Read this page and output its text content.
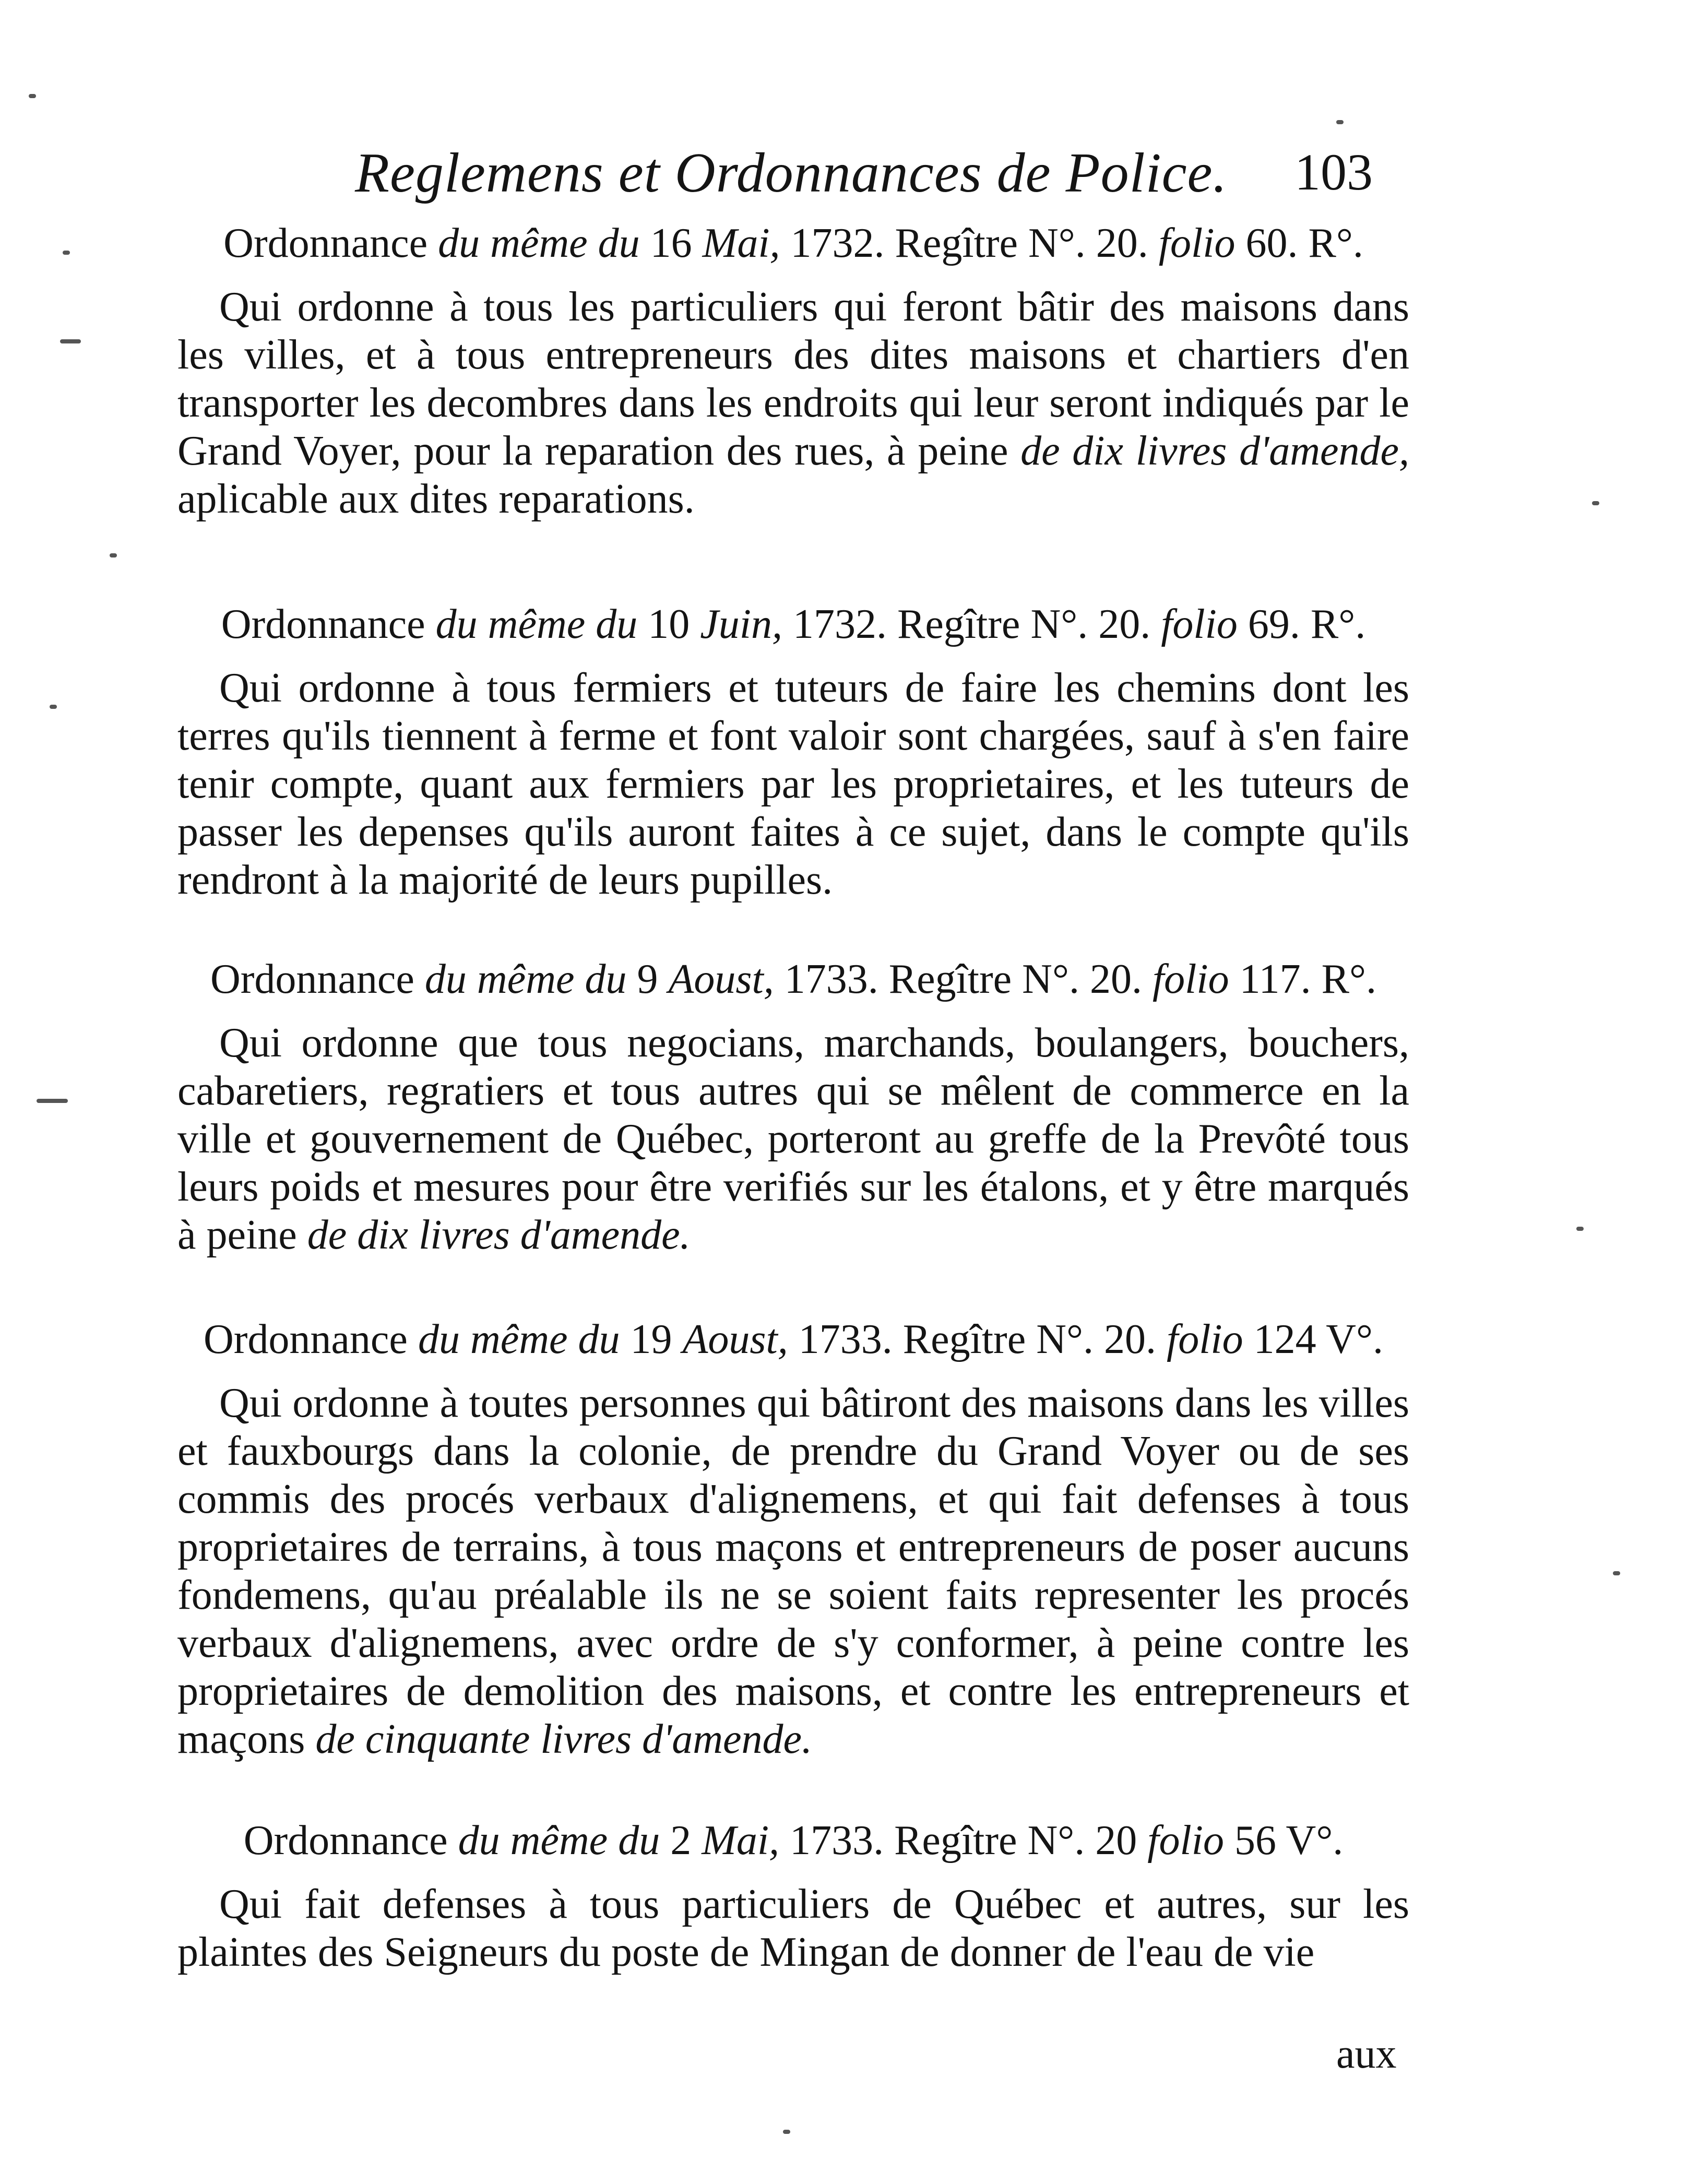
Reglemens et Ordonnances de Police. 103

Ordonnance du même du 16 Mai, 1732. Regître N°. 20. folio 60. R°.

Qui ordonne à tous les particuliers qui feront bâtir des maisons dans les villes, et à tous entrepreneurs des dites maisons et chartiers d'en transporter les decombres dans les endroits qui leur seront indiqués par le Grand Voyer, pour la reparation des rues, à peine de dix livres d'amende, aplicable aux dites reparations.

Ordonnance du même du 10 Juin, 1732. Regître N°. 20. folio 69. R°.

Qui ordonne à tous fermiers et tuteurs de faire les chemins dont les terres qu'ils tiennent à ferme et font valoir sont chargées, sauf à s'en faire tenir compte, quant aux fermiers par les proprietaires, et les tuteurs de passer les depenses qu'ils auront faites à ce sujet, dans le compte qu'ils rendront à la majorité de leurs pupilles.

Ordonnance du même du 9 Aoust, 1733. Regître N°. 20. folio 117. R°.

Qui ordonne que tous negocians, marchands, boulangers, bouchers, cabaretiers, regratiers et tous autres qui se mêlent de commerce en la ville et gouvernement de Québec, porteront au greffe de la Prevôté tous leurs poids et mesures pour être verifiés sur les étalons, et y être marqués à peine de dix livres d'amende.

Ordonnance du même du 19 Aoust, 1733. Regître N°. 20. folio 124 V°.

Qui ordonne à toutes personnes qui bâtiront des maisons dans les villes et fauxbourgs dans la colonie, de prendre du Grand Voyer ou de ses commis des procés verbaux d'alignemens, et qui fait defenses à tous proprietaires de terrains, à tous maçons et entrepreneurs de poser aucuns fondemens, qu'au préalable ils ne se soient faits representer les procés verbaux d'alignemens, avec ordre de s'y conformer, à peine contre les proprietaires de demolition des maisons, et contre les entrepreneurs et maçons de cinquante livres d'amende.

Ordonnance du même du 2 Mai, 1733. Regître N°. 20 folio 56 V°.

Qui fait defenses à tous particuliers de Québec et autres, sur les plaintes des Seigneurs du poste de Mingan de donner de l'eau de vie

aux
